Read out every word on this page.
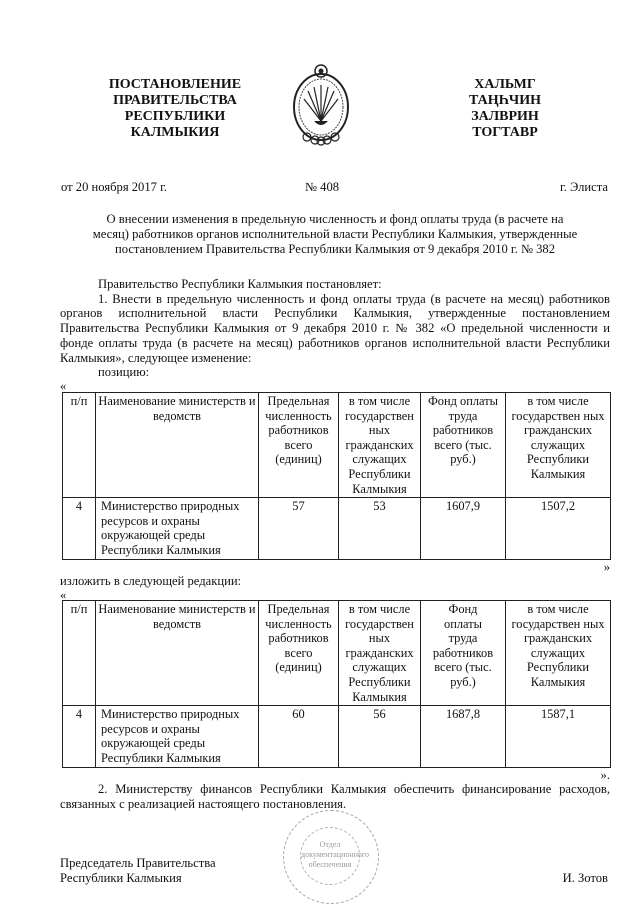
ПОСТАНОВЛЕНИЕ
ПРАВИТЕЛЬСТВА
РЕСПУБЛИКИ
КАЛМЫКИЯ
ХАЛЬМГ
ТАҢҺЧИН
ЗАЛВРИН
ТОГТАВР
от 20 ноября 2017 г.	№ 408	г. Элиста
О внесении изменения в предельную численность и фонд оплаты труда (в расчете на
месяц) работников органов исполнительной власти Республики Калмыкия, утвержденные
постановлением Правительства Республики Калмыкия от 9 декабря 2010 г. № 382
Правительство Республики Калмыкия постановляет:
1. Внести в предельную численность и фонд оплаты труда (в расчете на месяц) работников
органов исполнительной власти Республики Калмыкия, утвержденные постановлением
Правительства Республики Калмыкия от 9 декабря 2010 г. № 382 «О предельной численности и
фонде оплаты труда (в расчете на месяц) работников органов исполнительной власти Республики
Калмыкия», следующее изменение:
позицию:
«
п/п	Наименование министерств и ведомств	Предельная численность работников всего (единиц)	в том числе государствен ных гражданских служащих Республики Калмыкия	Фонд оплаты труда работников всего (тыс. руб.)	в том числе государствен ных гражданских служащих Республики Калмыкия
4	Министерство природных ресурсов и охраны окружающей среды Республики Калмыкия	57	53	1607,9	1507,2
»
изложить в следующей редакции:
«
п/п	Наименование министерств и ведомств	Предельная численность работников всего (единиц)	в том числе государствен ных гражданских служащих Республики Калмыкия	Фонд оплаты труда работников всего (тыс. руб.)	в том числе государствен ных гражданских служащих Республики Калмыкия
4	Министерство природных ресурсов и охраны окружающей среды Республики Калмыкия	60	56	1687,8	1587,1
».
2. Министерству финансов Республики Калмыкия обеспечить финансирование расходов,
связанных с реализацией настоящего постановления.
Отдел
документационного
обеспечения
Председатель Правительства
Республики Калмыкия	И. Зотов
